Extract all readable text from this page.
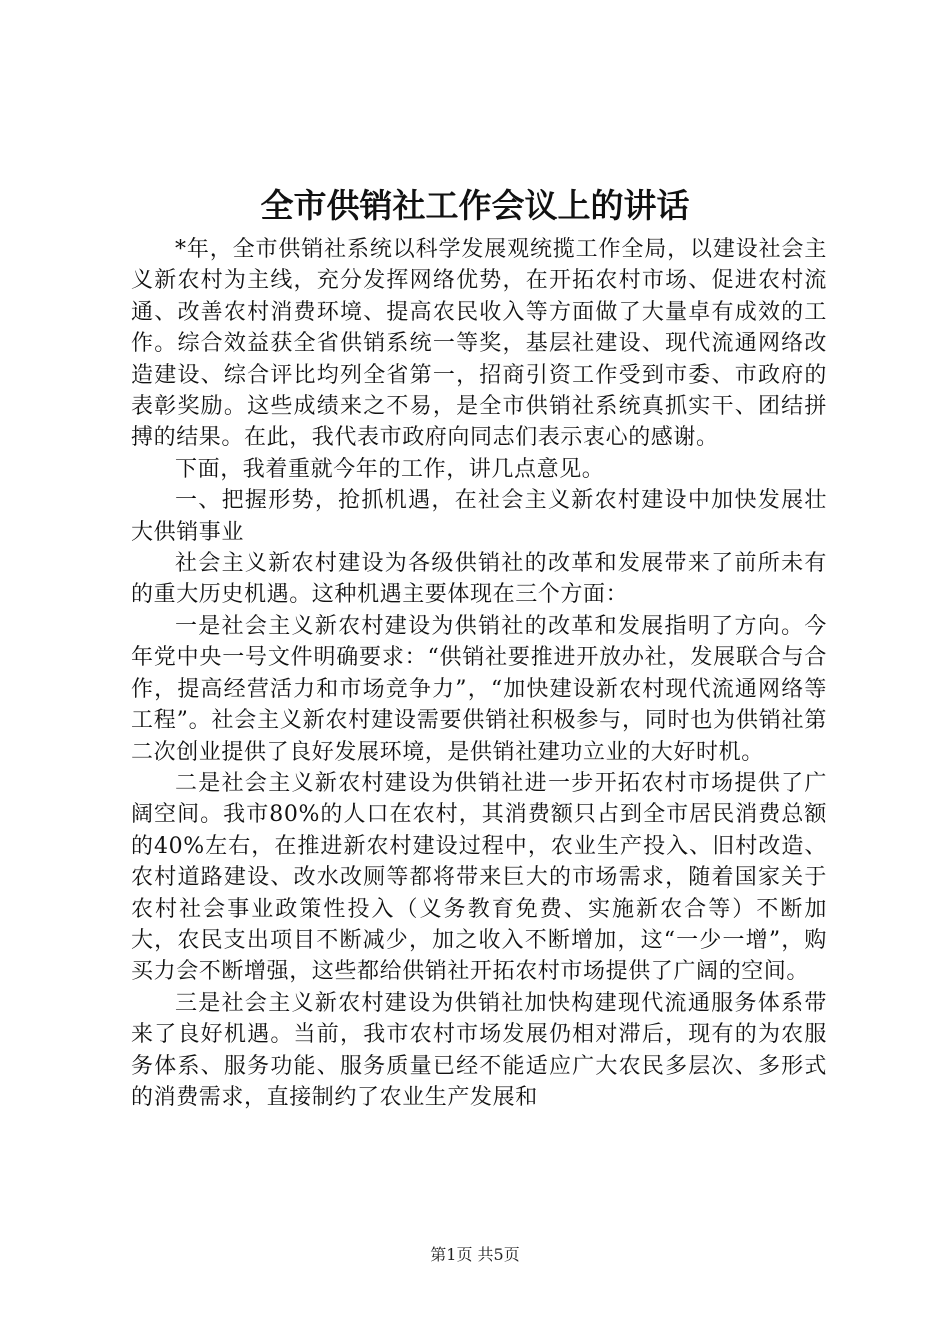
全市供销社工作会议上的讲话

*年，全市供销社系统以科学发展观统揽工作全局，以建设社会主义新农村为主线，充分发挥网络优势，在开拓农村市场、促进农村流通、改善农村消费环境、提高农民收入等方面做了大量卓有成效的工作。综合效益获全省供销系统一等奖，基层社建设、现代流通网络改造建设、综合评比均列全省第一，招商引资工作受到市委、市政府的表彰奖励。这些成绩来之不易，是全市供销社系统真抓实干、团结拼搏的结果。在此，我代表市政府向同志们表示衷心的感谢。

下面，我着重就今年的工作，讲几点意见。

一、把握形势，抢抓机遇，在社会主义新农村建设中加快发展壮大供销事业

社会主义新农村建设为各级供销社的改革和发展带来了前所未有的重大历史机遇。这种机遇主要体现在三个方面：

一是社会主义新农村建设为供销社的改革和发展指明了方向。今年党中央一号文件明确要求：“供销社要推进开放办社，发展联合与合作，提高经营活力和市场竞争力”，“加快建设新农村现代流通网络等工程”。社会主义新农村建设需要供销社积极参与，同时也为供销社第二次创业提供了良好发展环境，是供销社建功立业的大好时机。

二是社会主义新农村建设为供销社进一步开拓农村市场提供了广阔空间。我市80%的人口在农村，其消费额只占到全市居民消费总额的40%左右，在推进新农村建设过程中，农业生产投入、旧村改造、农村道路建设、改水改厕等都将带来巨大的市场需求，随着国家关于农村社会事业政策性投入（义务教育免费、实施新农合等）不断加大，农民支出项目不断减少，加之收入不断增加，这“一少一增”，购买力会不断增强，这些都给供销社开拓农村市场提供了广阔的空间。

三是社会主义新农村建设为供销社加快构建现代流通服务体系带来了良好机遇。当前，我市农村市场发展仍相对滞后，现有的为农服务体系、服务功能、服务质量已经不能适应广大农民多层次、多形式的消费需求，直接制约了农业生产发展和

第1页 共5页
